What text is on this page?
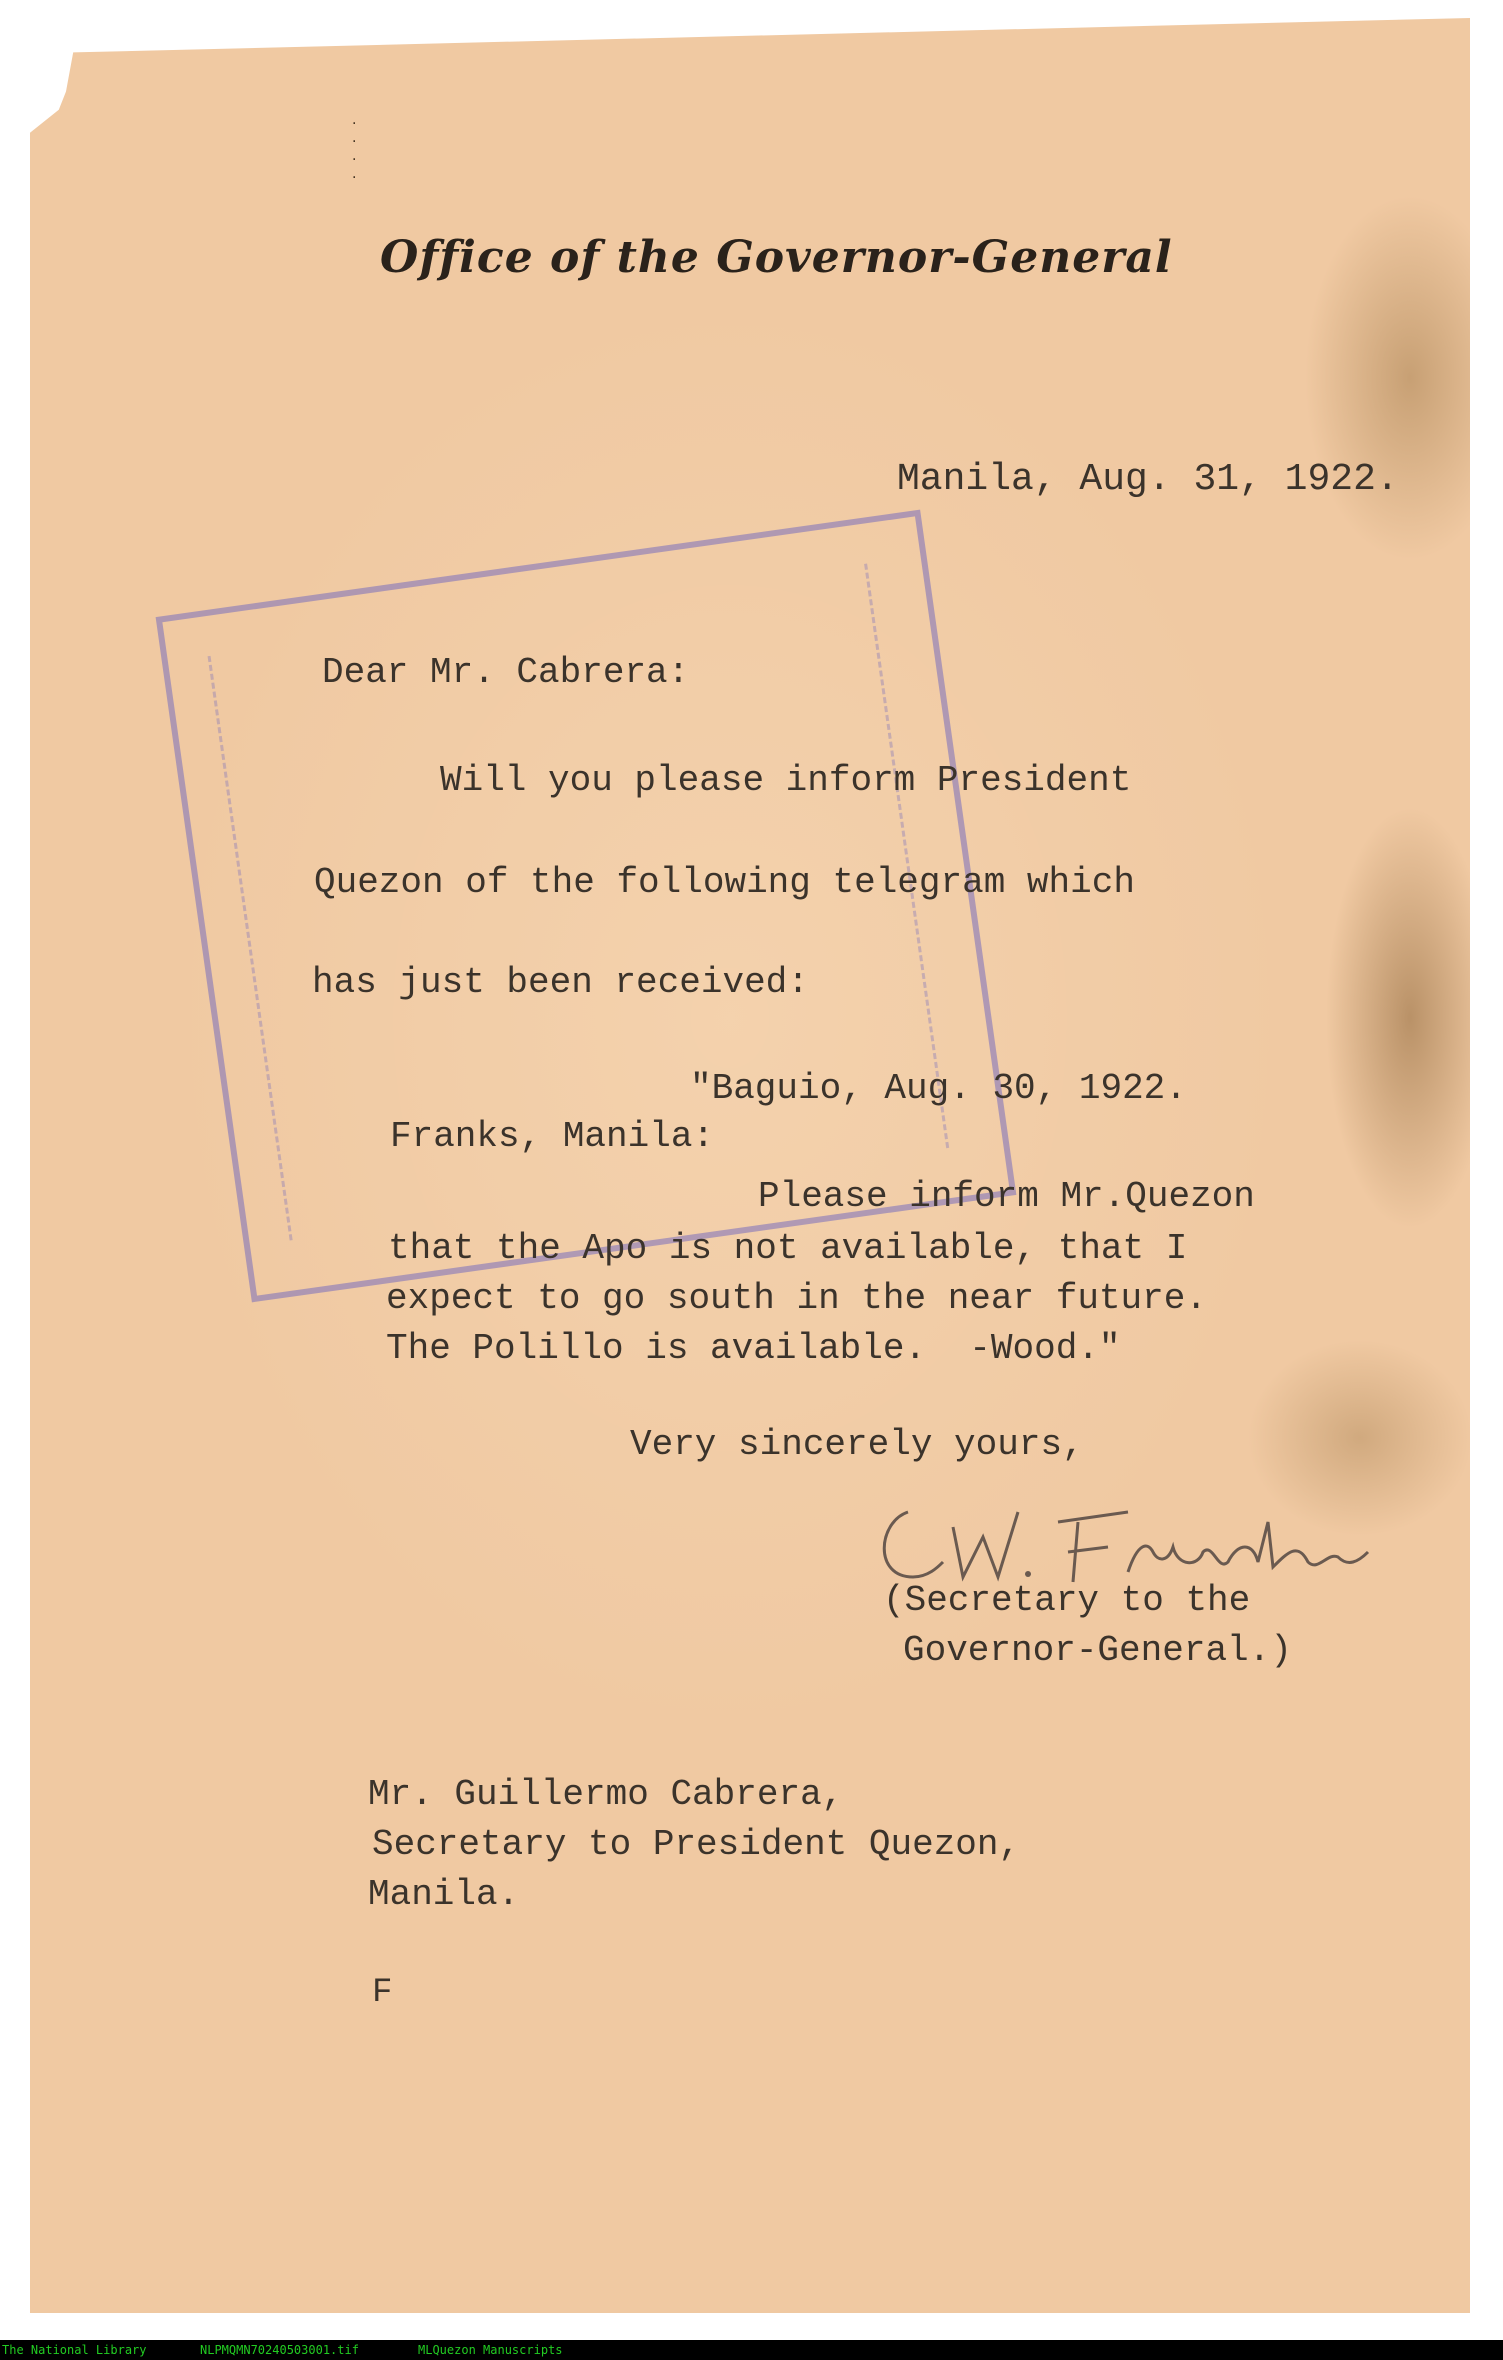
·
·
·
·
Office of the Governor-General
Manila, Aug. 31, 1922.
Dear Mr. Cabrera:
Will you please inform President
Quezon of the following telegram which
has just been received:
"Baguio, Aug. 30, 1922.
Franks, Manila:
Please inform Mr.Quezon
that the Apo is not available, that I
expect to go south in the near future.
The Polillo is available.  -Wood."
Very sincerely yours,
(Secretary to the
Governor-General.)
Mr. Guillermo Cabrera,
Secretary to President Quezon,
Manila.
F
The National Library	NLPMQMN70240503001.tif	MLQuezon Manuscripts
